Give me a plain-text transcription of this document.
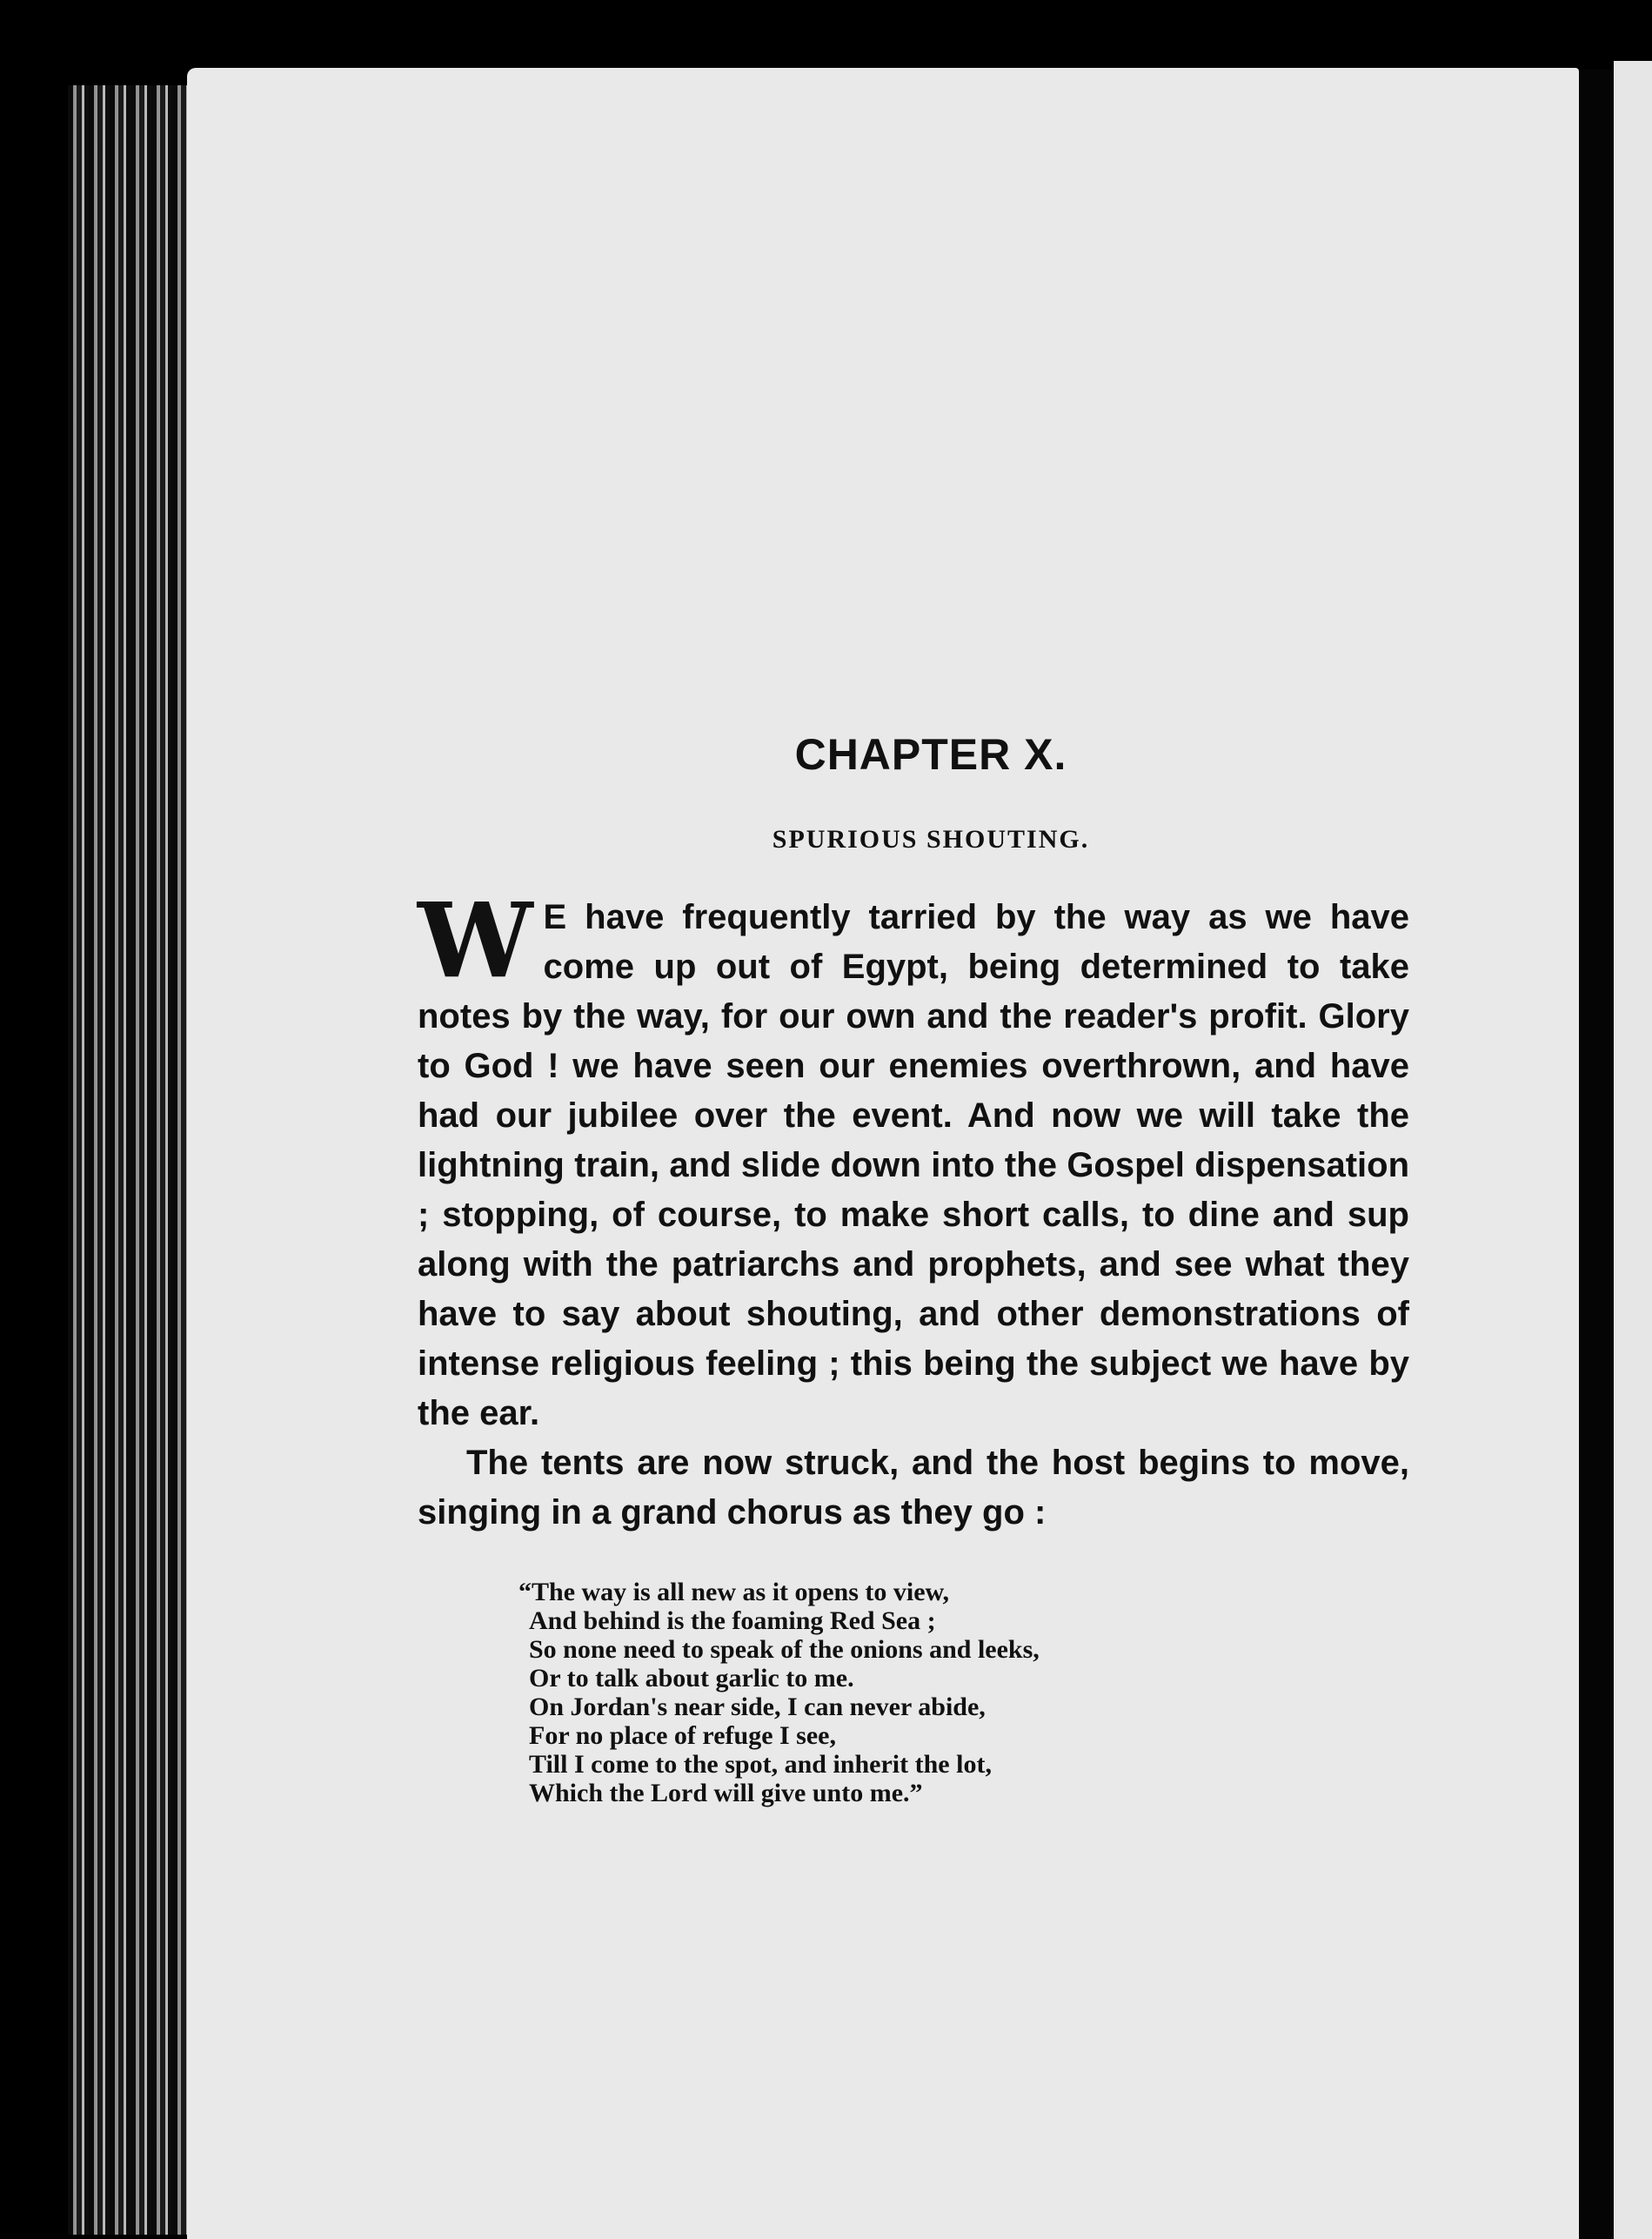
CHAPTER X.
SPURIOUS SHOUTING.

W E have frequently tarried by the way as we have come up out of Egypt, being determined to take notes by the way, for our own and the reader's profit. Glory to God ! we have seen our enemies overthrown, and have had our jubilee over the event. And now we will take the lightning train, and slide down into the Gospel dispensation ; stopping, of course, to make short calls, to dine and sup along with the patriarchs and prophets, and see what they have to say about shouting, and other demonstrations of intense religious feeling ; this being the subject we have by the ear.

The tents are now struck, and the host begins to move, singing in a grand chorus as they go :

“The way is all new as it opens to view,
And behind is the foaming Red Sea ;
So none need to speak of the onions and leeks,
Or to talk about garlic to me.
On Jordan's near side, I can never abide,
For no place of refuge I see,
Till I come to the spot, and inherit the lot,
Which the Lord will give unto me.”
